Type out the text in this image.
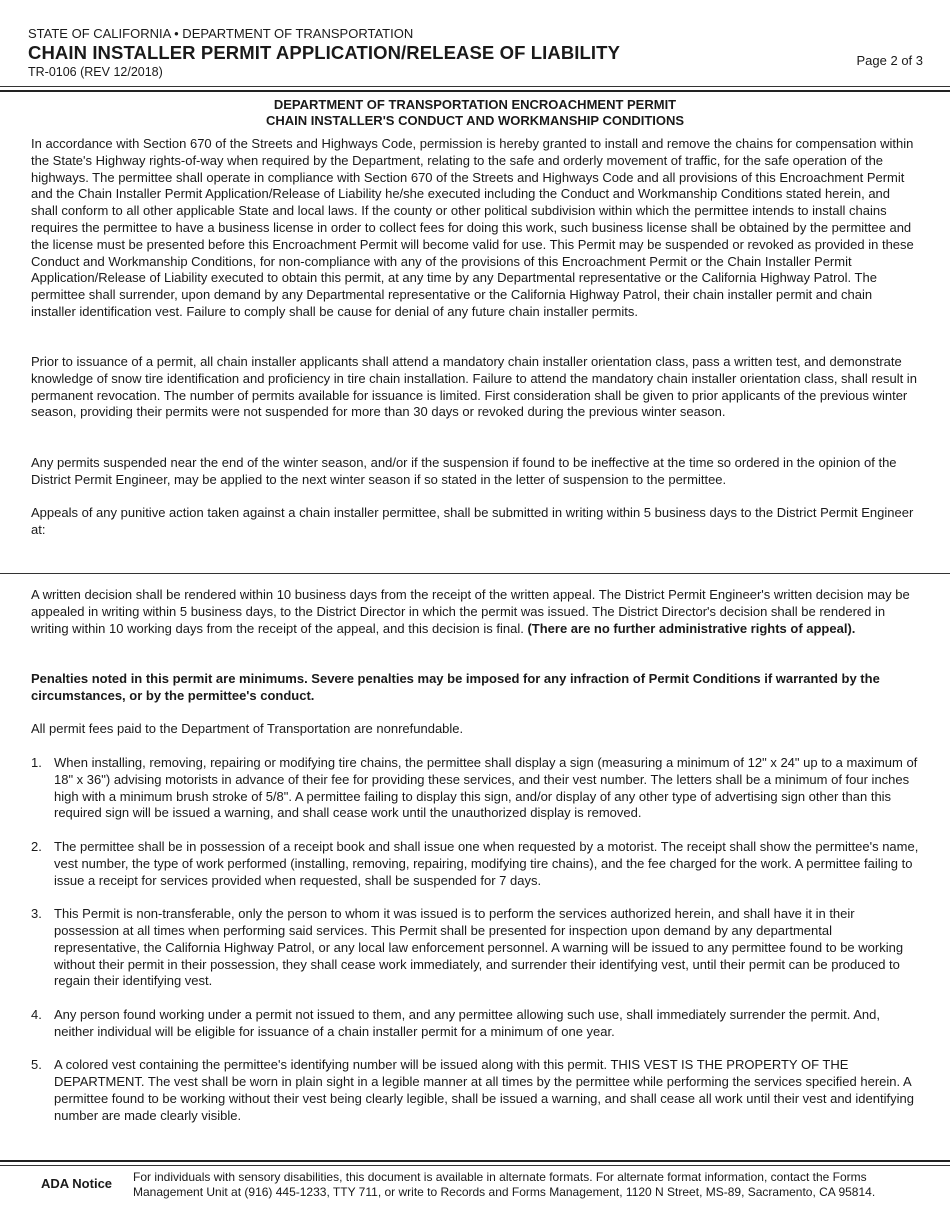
STATE OF CALIFORNIA • DEPARTMENT OF TRANSPORTATION
CHAIN INSTALLER PERMIT APPLICATION/RELEASE OF LIABILITY
TR-0106 (REV 12/2018)
Page 2 of 3
DEPARTMENT OF TRANSPORTATION ENCROACHMENT PERMIT
CHAIN INSTALLER'S CONDUCT AND WORKMANSHIP CONDITIONS

In accordance with Section 670 of the Streets and Highways Code, permission is hereby granted to install and remove the chains for compensation within the State's Highway rights-of-way when required by the Department, relating to the safe and orderly movement of traffic, for the safe operation of the highways. The permittee shall operate in compliance with Section 670 of the Streets and Highways Code and all provisions of this Encroachment Permit and the Chain Installer Permit Application/Release of Liability he/she executed including the Conduct and Workmanship Conditions stated herein, and shall conform to all other applicable State and local laws. If the county or other political subdivision within which the permittee intends to install chains requires the permittee to have a business license in order to collect fees for doing this work, such business license shall be obtained by the permittee and the license must be presented before this Encroachment Permit will become valid for use. This Permit may be suspended or revoked as provided in these Conduct and Workmanship Conditions, for non-compliance with any of the provisions of this Encroachment Permit or the Chain Installer Permit Application/Release of Liability executed to obtain this permit, at any time by any Departmental representative or the California Highway Patrol. The permittee shall surrender, upon demand by any Departmental representative or the California Highway Patrol, their chain installer permit and chain installer identification vest. Failure to comply shall be cause for denial of any future chain installer permits.

Prior to issuance of a permit, all chain installer applicants shall attend a mandatory chain installer orientation class, pass a written test, and demonstrate knowledge of snow tire identification and proficiency in tire chain installation. Failure to attend the mandatory chain installer orientation class, shall result in permanent revocation. The number of permits available for issuance is limited. First consideration shall be given to prior applicants of the previous winter season, providing their permits were not suspended for more than 30 days or revoked during the previous winter season.

Any permits suspended near the end of the winter season, and/or if the suspension if found to be ineffective at the time so ordered in the opinion of the District Permit Engineer, may be applied to the next winter season if so stated in the letter of suspension to the permittee.

Appeals of any punitive action taken against a chain installer permittee, shall be submitted in writing within 5 business days to the District Permit Engineer at:

A written decision shall be rendered within 10 business days from the receipt of the written appeal. The District Permit Engineer's written decision may be appealed in writing within 5 business days, to the District Director in which the permit was issued. The District Director's decision shall be rendered in writing within 10 working days from the receipt of the appeal, and this decision is final. (There are no further administrative rights of appeal).

Penalties noted in this permit are minimums. Severe penalties may be imposed for any infraction of Permit Conditions if warranted by the circumstances, or by the permittee's conduct.

All permit fees paid to the Department of Transportation are nonrefundable.

1. When installing, removing, repairing or modifying tire chains, the permittee shall display a sign (measuring a minimum of 12" x 24" up to a maximum of 18" x 36") advising motorists in advance of their fee for providing these services, and their vest number. The letters shall be a minimum of four inches high with a minimum brush stroke of 5/8". A permittee failing to display this sign, and/or display of any other type of advertising sign other than this required sign will be issued a warning, and shall cease work until the unauthorized display is removed.
2. The permittee shall be in possession of a receipt book and shall issue one when requested by a motorist. The receipt shall show the permittee's name, vest number, the type of work performed (installing, removing, repairing, modifying tire chains), and the fee charged for the work. A permittee failing to issue a receipt for services provided when requested, shall be suspended for 7 days.
3. This Permit is non-transferable, only the person to whom it was issued is to perform the services authorized herein, and shall have it in their possession at all times when performing said services. This Permit shall be presented for inspection upon demand by any departmental representative, the California Highway Patrol, or any local law enforcement personnel. A warning will be issued to any permittee found to be working without their permit in their possession, they shall cease work immediately, and surrender their identifying vest, until their permit can be produced to regain their identifying vest.
4. Any person found working under a permit not issued to them, and any permittee allowing such use, shall immediately surrender the permit. And, neither individual will be eligible for issuance of a chain installer permit for a minimum of one year.
5. A colored vest containing the permittee's identifying number will be issued along with this permit. THIS VEST IS THE PROPERTY OF THE DEPARTMENT. The vest shall be worn in plain sight in a legible manner at all times by the permittee while performing the services specified herein. A permittee found to be working without their vest being clearly legible, shall be issued a warning, and shall cease all work until their vest and identifying number are made clearly visible.
ADA Notice For individuals with sensory disabilities, this document is available in alternate formats. For alternate format information, contact the Forms Management Unit at (916) 445-1233, TTY 711, or write to Records and Forms Management, 1120 N Street, MS-89, Sacramento, CA 95814.
